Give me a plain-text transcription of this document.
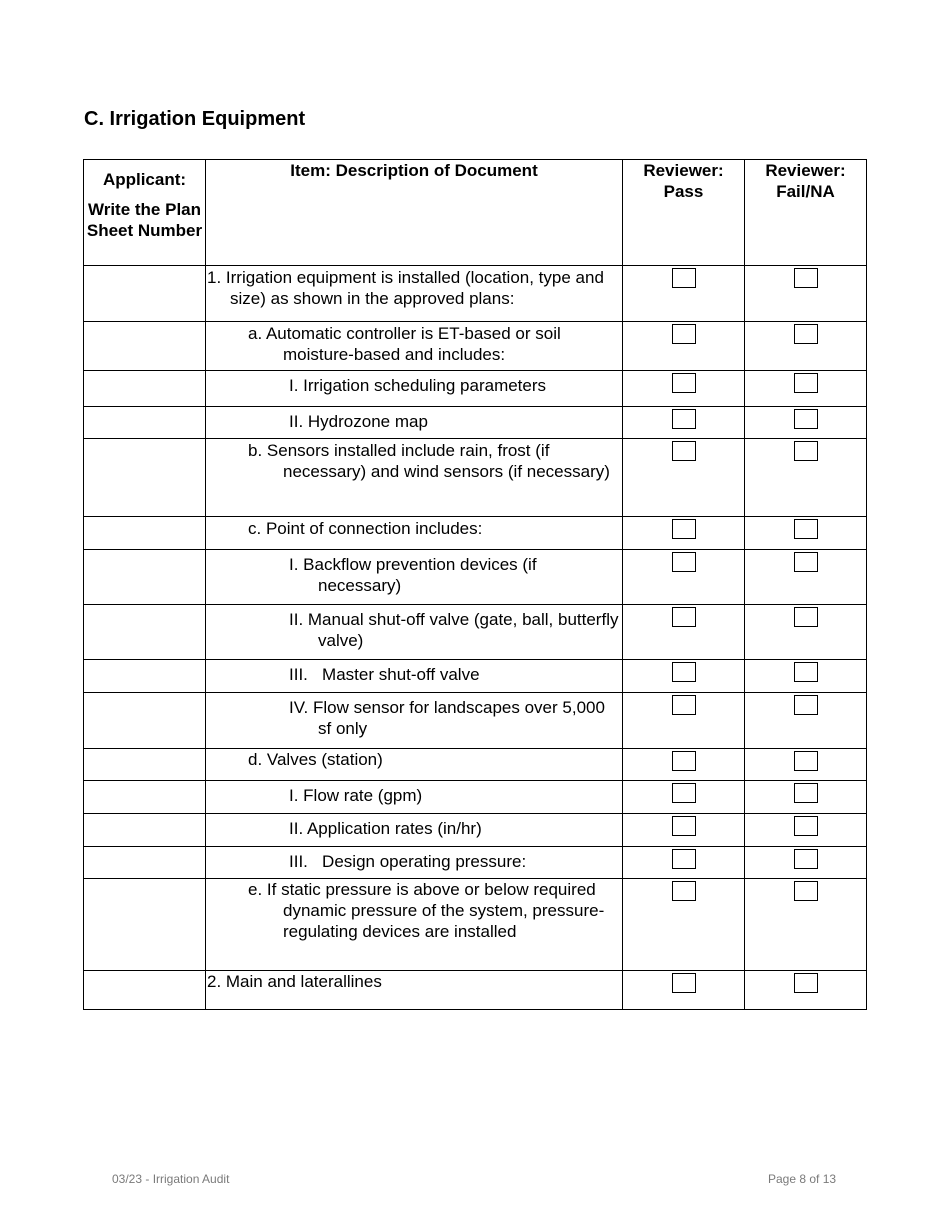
C. Irrigation Equipment
Applicant:
Write the Plan Sheet Number	Item: Description of Document	Reviewer: Pass	Reviewer: Fail/NA

	1. Irrigation equipment is installed (location, type and size) as shown in the approved plans:		

	a. Automatic controller is ET-based or soil moisture-based and includes:		

	I. Irrigation scheduling parameters		

	II. Hydrozone map		

	b. Sensors installed include rain, frost (if necessary) and wind sensors (if necessary)		

	c. Point of connection includes:		

	I. Backflow prevention devices (if necessary)		

	II. Manual shut-off valve (gate, ball, butterfly valve)		

	III.   Master shut-off valve		

	IV. Flow sensor for landscapes over 5,000 sf only		

	d. Valves (station)		

	I. Flow rate (gpm)		

	II. Application rates (in/hr)		

	III.   Design operating pressure:		

	e. If static pressure is above or below required dynamic pressure of the system, pressure-regulating devices are installed		

	2. Main and laterallines		

03/23 - Irrigation Audit	Page 8 of 13
